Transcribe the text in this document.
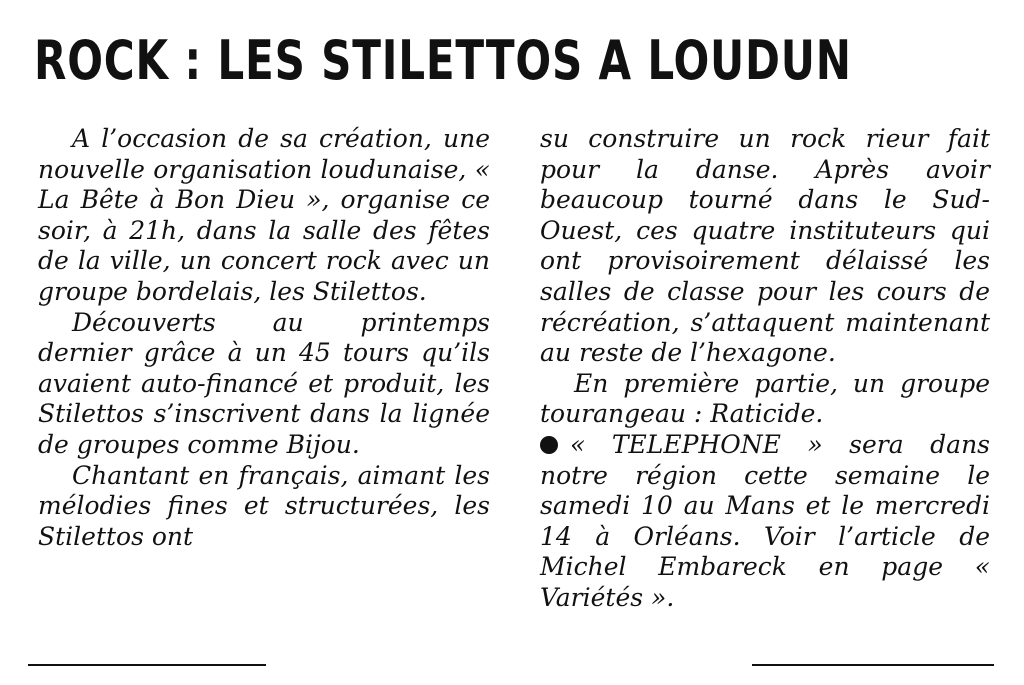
ROCK : LES STILETTOS A LOUDUN

A l’occasion de sa création, une nouvelle organisation loudunaise, « La Bête à Bon Dieu », organise ce soir, à 21h, dans la salle des fêtes de la ville, un concert rock avec un groupe bordelais, les Stilettos.

Découverts au printemps dernier grâce à un 45 tours qu’ils avaient auto-financé et produit, les Stilettos s’inscrivent dans la lignée de groupes comme Bijou.

Chantant en français, aimant les mélodies fines et structurées, les Stilettos ont

su construire un rock rieur fait pour la danse. Après avoir beaucoup tourné dans le Sud-Ouest, ces quatre instituteurs qui ont provisoirement délaissé les salles de classe pour les cours de récréation, s’attaquent maintenant au reste de l’hexagone.

En première partie, un groupe tourangeau : Raticide.

« TELEPHONE » sera dans notre région cette semaine le samedi 10 au Mans et le mercredi 14 à Orléans. Voir l’article de Michel Embareck en page « Variétés ».
